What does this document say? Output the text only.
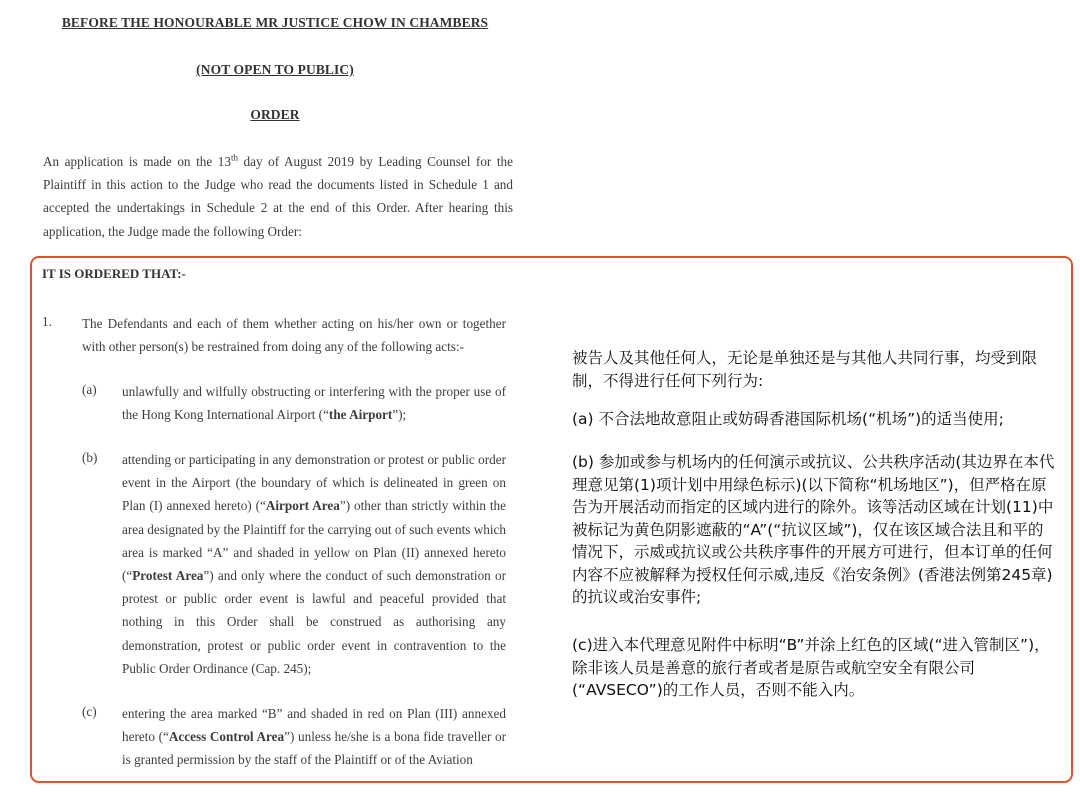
BEFORE THE HONOURABLE MR JUSTICE CHOW IN CHAMBERS
(NOT OPEN TO PUBLIC)
ORDER
An application is made on the 13th day of August 2019 by Leading Counsel for the Plaintiff in this action to the Judge who read the documents listed in Schedule 1 and accepted the undertakings in Schedule 2 at the end of this Order. After hearing this application, the Judge made the following Order:
IT IS ORDERED THAT:-
1. The Defendants and each of them whether acting on his/her own or together with other person(s) be restrained from doing any of the following acts:-
(a) unlawfully and wilfully obstructing or interfering with the proper use of the Hong Kong International Airport (“the Airport”);
(b) attending or participating in any demonstration or protest or public order event in the Airport (the boundary of which is delineated in green on Plan (I) annexed hereto) (“Airport Area”) other than strictly within the area designated by the Plaintiff for the carrying out of such events which area is marked “A” and shaded in yellow on Plan (II) annexed hereto (“Protest Area”) and only where the conduct of such demonstration or protest or public order event is lawful and peaceful provided that nothing in this Order shall be construed as authorising any demonstration, protest or public order event in contravention to the Public Order Ordinance (Cap. 245);
(c) entering the area marked “B” and shaded in red on Plan (III) annexed hereto (“Access Control Area”) unless he/she is a bona fide traveller or is granted permission by the staff of the Plaintiff or of the Aviation
被告人及其他任何人，无论是单独还是与其他人共同行事，均受到限制，不得进行任何下列行为:
(a) 不合法地故意阻止或妨碍香港国际机场(“机场”)的适当使用;
(b) 参加或参与机场内的任何演示或抗议、公共秩序活动(其边界在本代理意见第(1)项计划中用绿色标示)(以下简称“机场地区”)，但严格在原告为开展活动而指定的区域内进行的除外。该等活动区域在计划(11)中被标记为黄色阴影遮蔽的“A”(“抗议区域”)，仅在该区域合法且和平的情况下，示威或抗议或公共秩序事件的开展方可进行，但本订单的任何内容不应被解释为授权任何示威,违反《治安条例》(香港法例第245章)的抗议或治安事件;
(c)进入本代理意见附件中标明“B”并涂上红色的区域(“进入管制区”)，除非该人员是善意的旅行者或者是原告或航空安全有限公司(“AVSECO”)的工作人员，否则不能入内。
